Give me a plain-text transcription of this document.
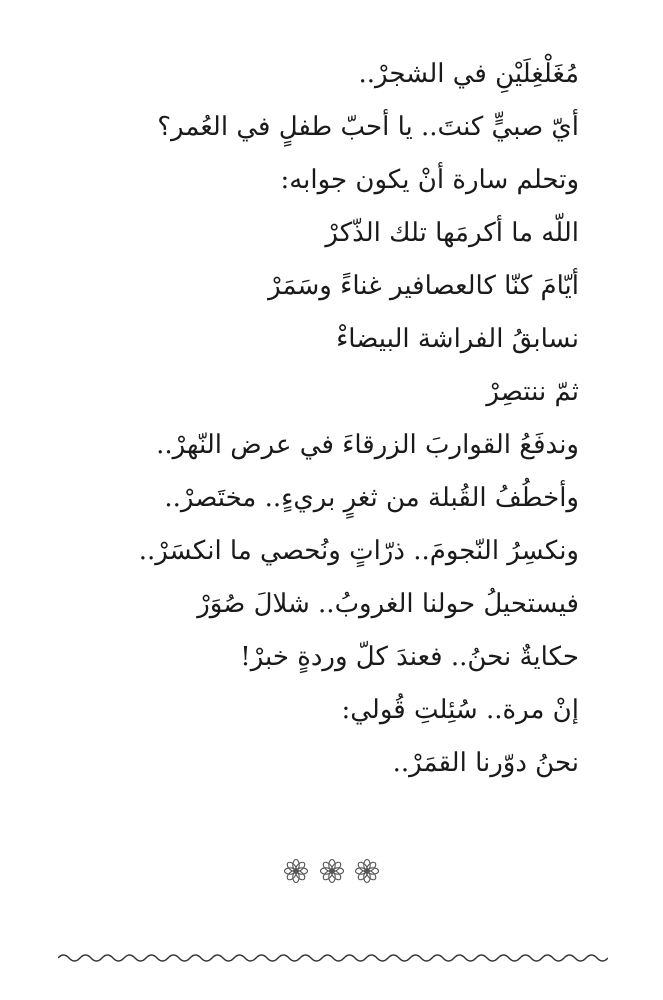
مُغَلْغِلَيْنِ في الشجرْ..
أيّ صبيٍّ كنتَ.. يا أحبّ طفلٍ في العُمر؟
وتحلم سارة أنْ يكون جوابه:
اللّه ما أكرمَها تلك الذّكرْ
أيّامَ كنّا كالعصافير غناءً وسَمَرْ
نسابقُ الفراشة البيضاءْ
ثمّ ننتصِرْ
وندفَعُ القواربَ الزرقاءَ في عرض النّهرْ..
وأخطُفُ القُبلة من ثغرٍ بريءٍ.. مختَصرْ..
ونكسِرُ النّجومَ.. ذرّاتٍ ونُحصي ما انكسَرْ..
فيستحيلُ حولنا الغروبُ.. شلالَ صُوَرْ
حكايةٌ نحنُ.. فعندَ كلّ وردةٍ خبرْ!
إنْ مرة.. سُئِلتِ قُولي:
نحنُ دوّرنا القمَرْ..
